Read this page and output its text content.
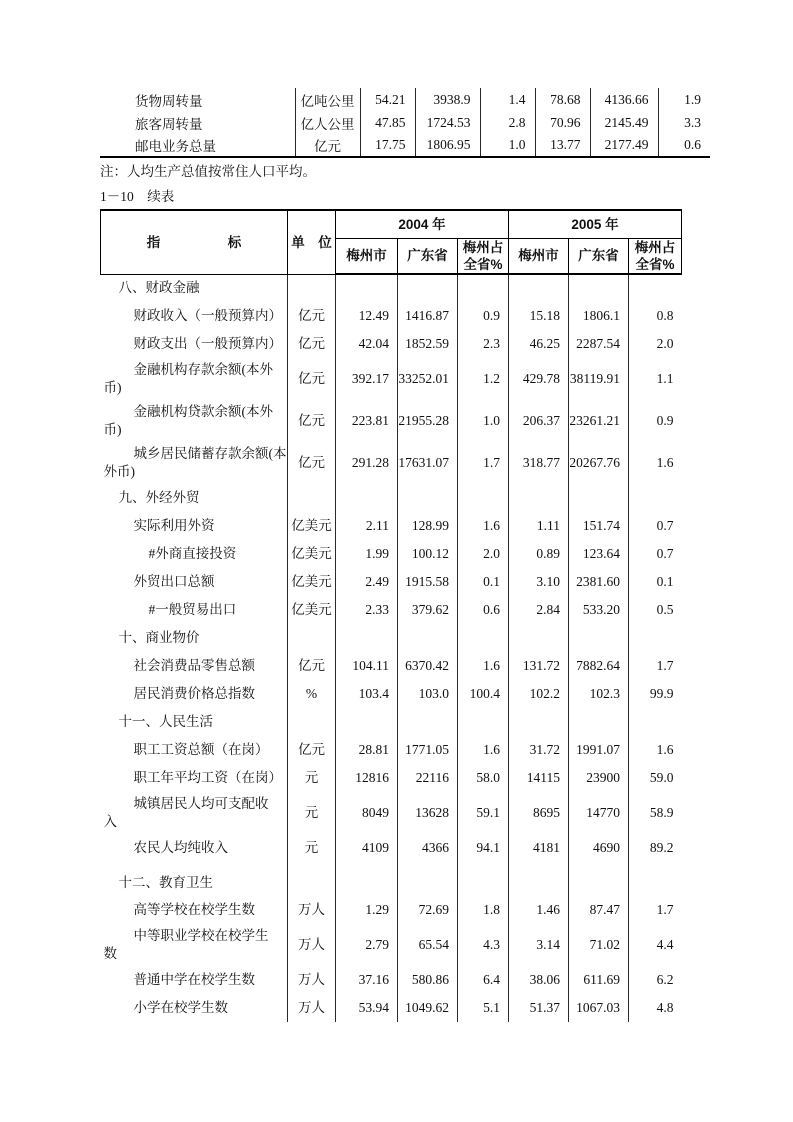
货物周转量	亿吨公里	54.21	3938.9	1.4	78.68	4136.66	1.9
旅客周转量	亿人公里	47.85	1724.53	2.8	70.96	2145.49	3.3
邮电业务总量	亿元	17.75	1806.95	1.0	13.77	2177.49	0.6

注：人均生产总值按常住人口平均。

1－10　续表

指　　　　　标	单　位	2004 年			2005 年		
		梅州市	广东省	梅州占
全省%	梅州市	广东省	梅州占
全省%
八、财政金融							
财政收入（一般预算内）	亿元	12.49	1416.87	0.9	15.18	1806.1	0.8
财政支出（一般预算内）	亿元	42.04	1852.59	2.3	46.25	2287.54	2.0
金融机构存款余额(本外
币)	亿元	392.17	33252.01	1.2	429.78	38119.91	1.1
金融机构贷款余额(本外
币)	亿元	223.81	21955.28	1.0	206.37	23261.21	0.9
城乡居民储蓄存款余额(本
外币)	亿元	291.28	17631.07	1.7	318.77	20267.76	1.6
九、外经外贸							
实际利用外资	亿美元	2.11	128.99	1.6	1.11	151.74	0.7
#外商直接投资	亿美元	1.99	100.12	2.0	0.89	123.64	0.7
外贸出口总额	亿美元	2.49	1915.58	0.1	3.10	2381.60	0.1
#一般贸易出口	亿美元	2.33	379.62	0.6	2.84	533.20	0.5
十、商业物价							
社会消费品零售总额	亿元	104.11	6370.42	1.6	131.72	7882.64	1.7
居民消费价格总指数	%	103.4	103.0	100.4	102.2	102.3	99.9
十一、人民生活							
职工工资总额（在岗）	亿元	28.81	1771.05	1.6	31.72	1991.07	1.6
职工年平均工资（在岗）	元	12816	22116	58.0	14115	23900	59.0
城镇居民人均可支配收
入	元	8049	13628	59.1	8695	14770	58.9
农民人均纯收入	元	4109	4366	94.1	4181	4690	89.2
十二、教育卫生							
高等学校在校学生数	万人	1.29	72.69	1.8	1.46	87.47	1.7
中等职业学校在校学生
数	万人	2.79	65.54	4.3	3.14	71.02	4.4
普通中学在校学生数	万人	37.16	580.86	6.4	38.06	611.69	6.2
小学在校学生数	万人	53.94	1049.62	5.1	51.37	1067.03	4.8
